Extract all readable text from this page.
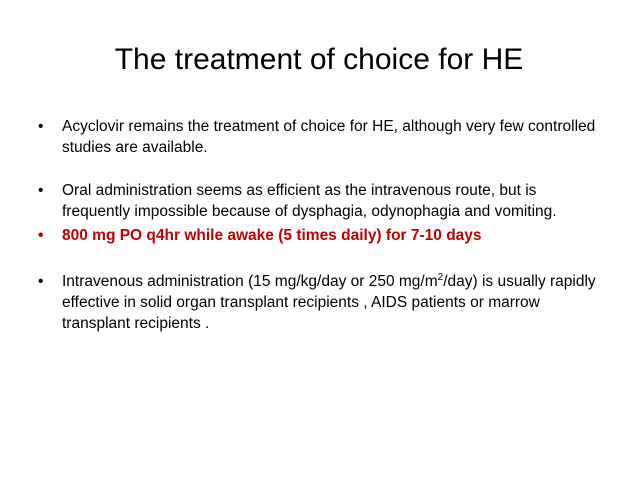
The treatment of choice for HE
•	Acyclovir remains the treatment of choice for HE, although very few controlled studies are available.
•	Oral administration seems as efficient as the intravenous route, but is frequently impossible because of dysphagia, odynophagia and vomiting.
•	800 mg PO q4hr while awake (5 times daily) for 7-10 days
•	Intravenous administration (15 mg/kg/day or 250 $mg/m^2/day$) is usually rapidly effective in solid organ transplant recipients , AIDS patients or marrow transplant recipients .
